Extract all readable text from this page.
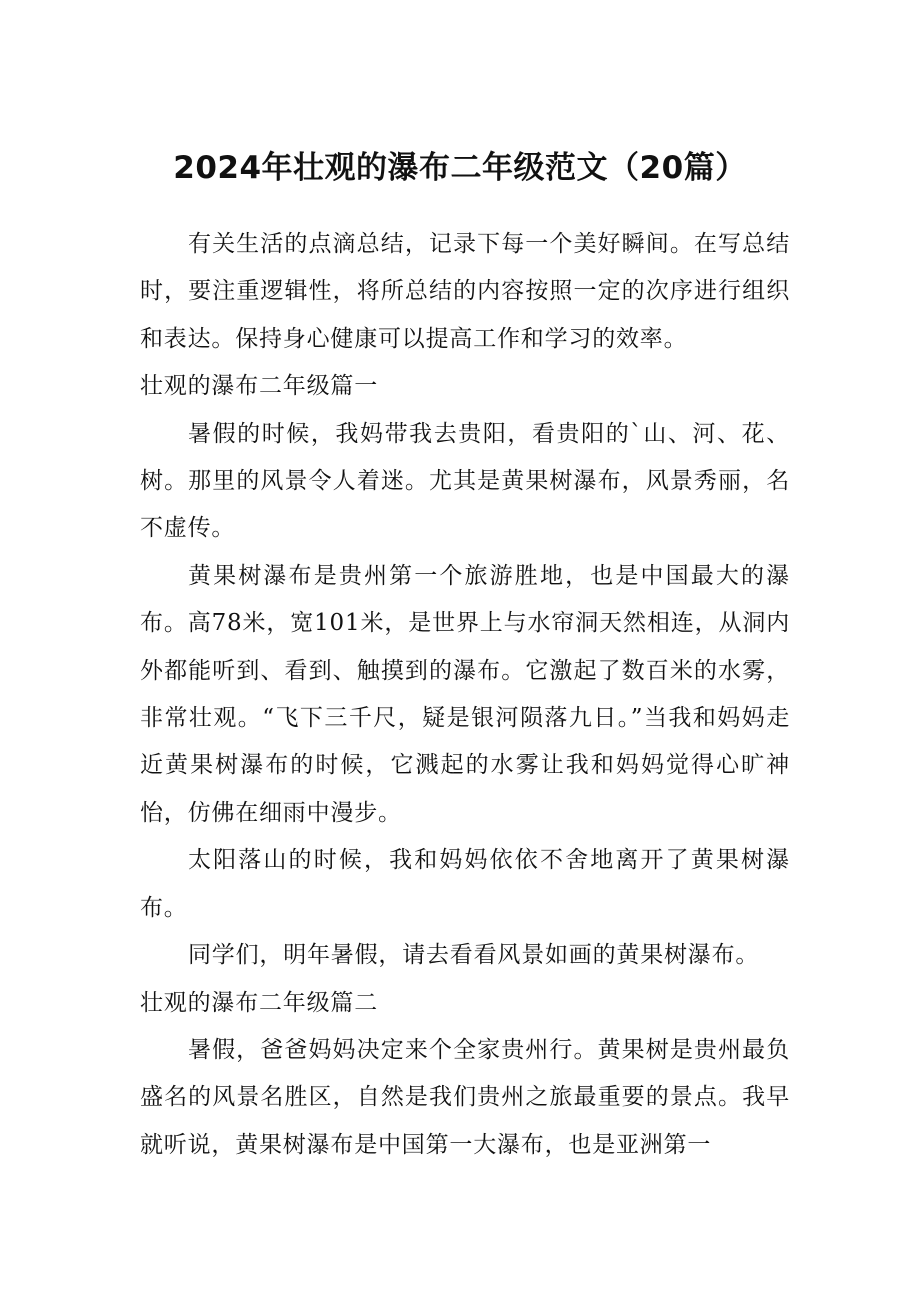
2024年壮观的瀑布二年级范文（20篇）

有关生活的点滴总结，记录下每一个美好瞬间。在写总结时，要注重逻辑性，将所总结的内容按照一定的次序进行组织和表达。保持身心健康可以提高工作和学习的效率。

壮观的瀑布二年级篇一

暑假的时候，我妈带我去贵阳，看贵阳的`山、河、花、树。那里的风景令人着迷。尤其是黄果树瀑布，风景秀丽，名不虚传。

黄果树瀑布是贵州第一个旅游胜地，也是中国最大的瀑布。高78米，宽101米，是世界上与水帘洞天然相连，从洞内外都能听到、看到、触摸到的瀑布。它激起了数百米的水雾，非常壮观。“飞下三千尺，疑是银河陨落九日。”当我和妈妈走近黄果树瀑布的时候，它溅起的水雾让我和妈妈觉得心旷神怡，仿佛在细雨中漫步。

太阳落山的时候，我和妈妈依依不舍地离开了黄果树瀑布。

同学们，明年暑假，请去看看风景如画的黄果树瀑布。

壮观的瀑布二年级篇二

暑假，爸爸妈妈决定来个全家贵州行。黄果树是贵州最负盛名的风景名胜区，自然是我们贵州之旅最重要的景点。我早就听说，黄果树瀑布是中国第一大瀑布，也是亚洲第一
